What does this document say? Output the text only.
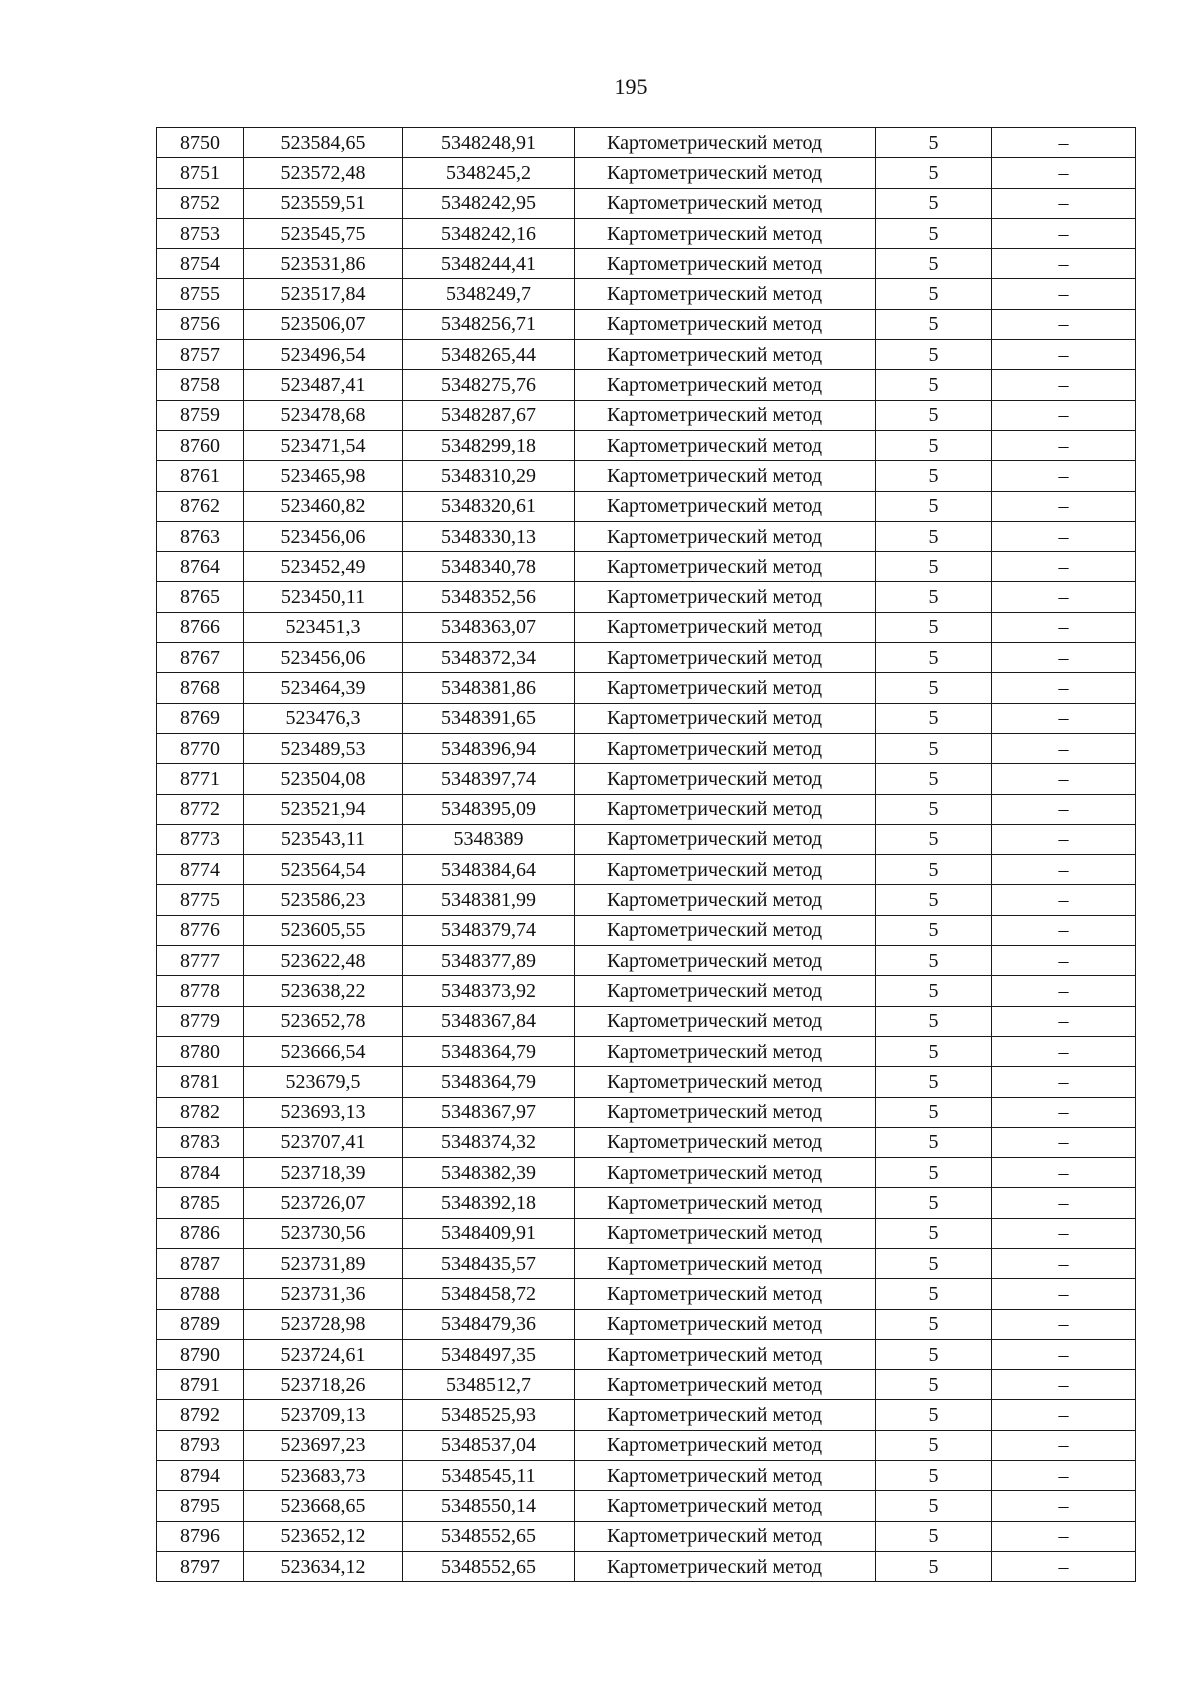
195
8750	523584,65	5348248,91	Картометрический метод	5	–
8751	523572,48	5348245,2	Картометрический метод	5	–
8752	523559,51	5348242,95	Картометрический метод	5	–
8753	523545,75	5348242,16	Картометрический метод	5	–
8754	523531,86	5348244,41	Картометрический метод	5	–
8755	523517,84	5348249,7	Картометрический метод	5	–
8756	523506,07	5348256,71	Картометрический метод	5	–
8757	523496,54	5348265,44	Картометрический метод	5	–
8758	523487,41	5348275,76	Картометрический метод	5	–
8759	523478,68	5348287,67	Картометрический метод	5	–
8760	523471,54	5348299,18	Картометрический метод	5	–
8761	523465,98	5348310,29	Картометрический метод	5	–
8762	523460,82	5348320,61	Картометрический метод	5	–
8763	523456,06	5348330,13	Картометрический метод	5	–
8764	523452,49	5348340,78	Картометрический метод	5	–
8765	523450,11	5348352,56	Картометрический метод	5	–
8766	523451,3	5348363,07	Картометрический метод	5	–
8767	523456,06	5348372,34	Картометрический метод	5	–
8768	523464,39	5348381,86	Картометрический метод	5	–
8769	523476,3	5348391,65	Картометрический метод	5	–
8770	523489,53	5348396,94	Картометрический метод	5	–
8771	523504,08	5348397,74	Картометрический метод	5	–
8772	523521,94	5348395,09	Картометрический метод	5	–
8773	523543,11	5348389	Картометрический метод	5	–
8774	523564,54	5348384,64	Картометрический метод	5	–
8775	523586,23	5348381,99	Картометрический метод	5	–
8776	523605,55	5348379,74	Картометрический метод	5	–
8777	523622,48	5348377,89	Картометрический метод	5	–
8778	523638,22	5348373,92	Картометрический метод	5	–
8779	523652,78	5348367,84	Картометрический метод	5	–
8780	523666,54	5348364,79	Картометрический метод	5	–
8781	523679,5	5348364,79	Картометрический метод	5	–
8782	523693,13	5348367,97	Картометрический метод	5	–
8783	523707,41	5348374,32	Картометрический метод	5	–
8784	523718,39	5348382,39	Картометрический метод	5	–
8785	523726,07	5348392,18	Картометрический метод	5	–
8786	523730,56	5348409,91	Картометрический метод	5	–
8787	523731,89	5348435,57	Картометрический метод	5	–
8788	523731,36	5348458,72	Картометрический метод	5	–
8789	523728,98	5348479,36	Картометрический метод	5	–
8790	523724,61	5348497,35	Картометрический метод	5	–
8791	523718,26	5348512,7	Картометрический метод	5	–
8792	523709,13	5348525,93	Картометрический метод	5	–
8793	523697,23	5348537,04	Картометрический метод	5	–
8794	523683,73	5348545,11	Картометрический метод	5	–
8795	523668,65	5348550,14	Картометрический метод	5	–
8796	523652,12	5348552,65	Картометрический метод	5	–
8797	523634,12	5348552,65	Картометрический метод	5	–
